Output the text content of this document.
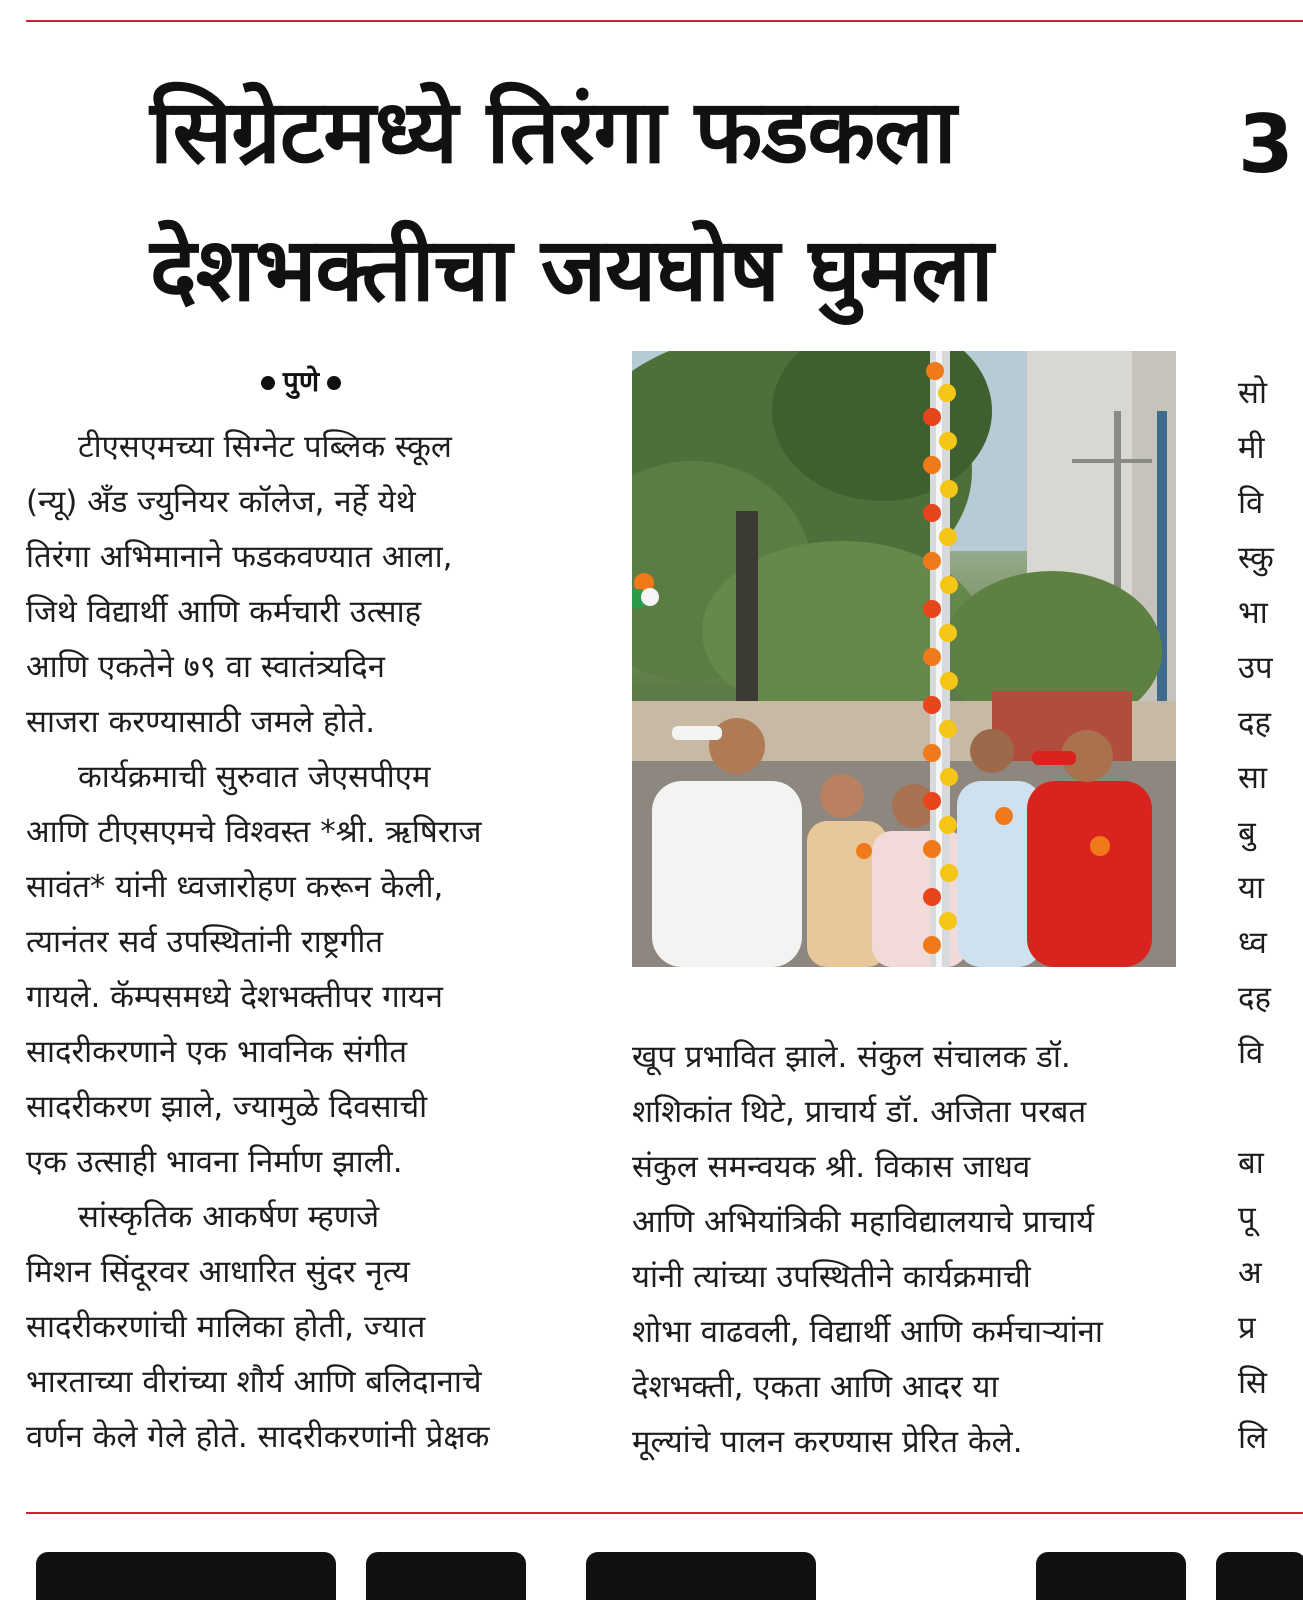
सिग्रेटमध्ये तिरंगा फडकला
देशभक्तीचा जयघोष घुमला
3
पुणे
टीएसएमच्या सिग्नेट पब्लिक स्कूल
(न्यू) अँड ज्युनियर कॉलेज, नर्हे येथे
तिरंगा अभिमानाने फडकवण्यात आला,
जिथे विद्यार्थी आणि कर्मचारी उत्साह
आणि एकतेने ७९ वा स्वातंत्र्यदिन
साजरा करण्यासाठी जमले होते.
कार्यक्रमाची सुरुवात जेएसपीएम
आणि टीएसएमचे विश्वस्त *श्री. ऋषिराज
सावंत* यांनी ध्वजारोहण करून केली,
त्यानंतर सर्व उपस्थितांनी राष्ट्रगीत
गायले. कॅम्पसमध्ये देशभक्तीपर गायन
सादरीकरणाने एक भावनिक संगीत
सादरीकरण झाले, ज्यामुळे दिवसाची
एक उत्साही भावना निर्माण झाली.
सांस्कृतिक आकर्षण म्हणजे
मिशन सिंदूरवर आधारित सुंदर नृत्य
सादरीकरणांची मालिका होती, ज्यात
भारताच्या वीरांच्या शौर्य आणि बलिदानाचे
वर्णन केले गेले होते. सादरीकरणांनी प्रेक्षक
खूप प्रभावित झाले. संकुल संचालक डॉ.
शशिकांत थिटे, प्राचार्य डॉ. अजिता परबत
संकुल समन्वयक श्री. विकास जाधव
आणि अभियांत्रिकी महाविद्यालयाचे प्राचार्य
यांनी त्यांच्या उपस्थितीने कार्यक्रमाची
शोभा वाढवली, विद्यार्थी आणि कर्मचाऱ्यांना
देशभक्ती, एकता आणि आदर या
मूल्यांचे पालन करण्यास प्रेरित केले.
सो
मी
वि
स्कु
भा
उप
दह
सा
बु
या
ध्व
दह
वि
बा
पू
अ
प्र
सि
लि
